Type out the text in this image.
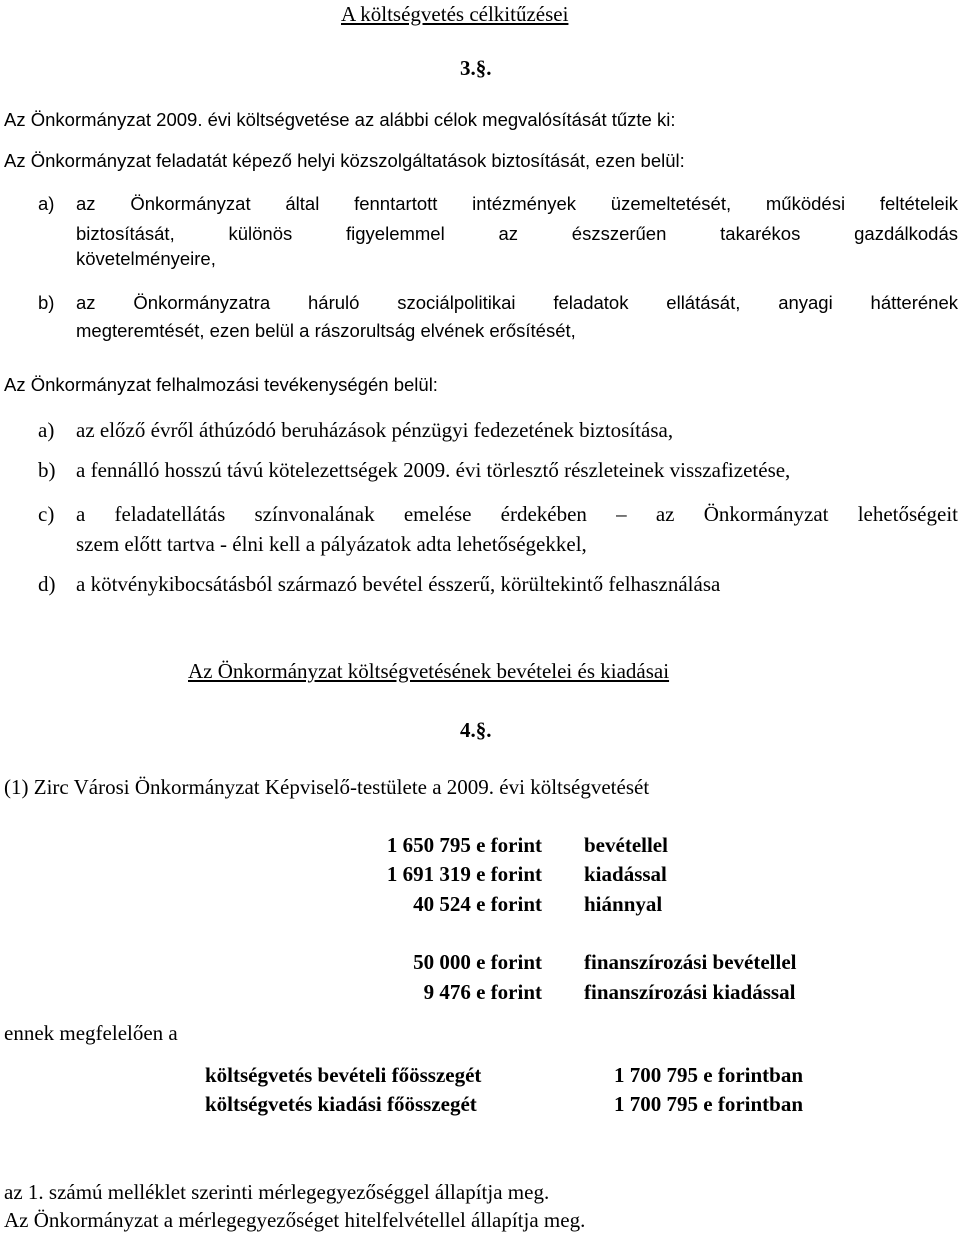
A költségvetés célkitűzései
3.§.
Az Önkormányzat 2009. évi költségvetése az alábbi célok megvalósítását tűzte ki:
Az Önkormányzat feladatát képező helyi közszolgáltatások biztosítását, ezen belül:
a) az Önkormányzat által fenntartott intézmények üzemeltetését, működési feltételeik
biztosítását, különös figyelemmel az észszerűen takarékos gazdálkodás
követelményeire,
b) az Önkormányzatra háruló szociálpolitikai feladatok ellátását, anyagi hátterének
megteremtését, ezen belül a rászorultság elvének erősítését,
Az Önkormányzat felhalmozási tevékenységén belül:
a) az előző évről áthúzódó beruházások pénzügyi fedezetének biztosítása,
b) a fennálló hosszú távú kötelezettségek 2009. évi törlesztő részleteinek visszafizetése,
c) a feladatellátás színvonalának emelése érdekében – az Önkormányzat lehetőségeit
szem előtt tartva - élni kell a pályázatok adta lehetőségekkel,
d) a kötvénykibocsátásból származó bevétel ésszerű, körültekintő felhasználása
Az Önkormányzat költségvetésének bevételei és kiadásai
4.§.
(1) Zirc Városi Önkormányzat Képviselő-testülete a 2009. évi költségvetését
1 650 795 e forint bevétellel
1 691 319 e forint kiadással
40 524 e forint hiánnyal
50 000 e forint finanszírozási bevétellel
9 476 e forint finanszírozási kiadással
ennek megfelelően a
költségvetés bevételi főösszegét	1 700 795 e forintban
költségvetés kiadási főösszegét	1 700 795 e forintban
az 1. számú melléklet szerinti mérlegegyezőséggel állapítja meg.
Az Önkormányzat a mérlegegyezőséget hitelfelvétellel állapítja meg.
